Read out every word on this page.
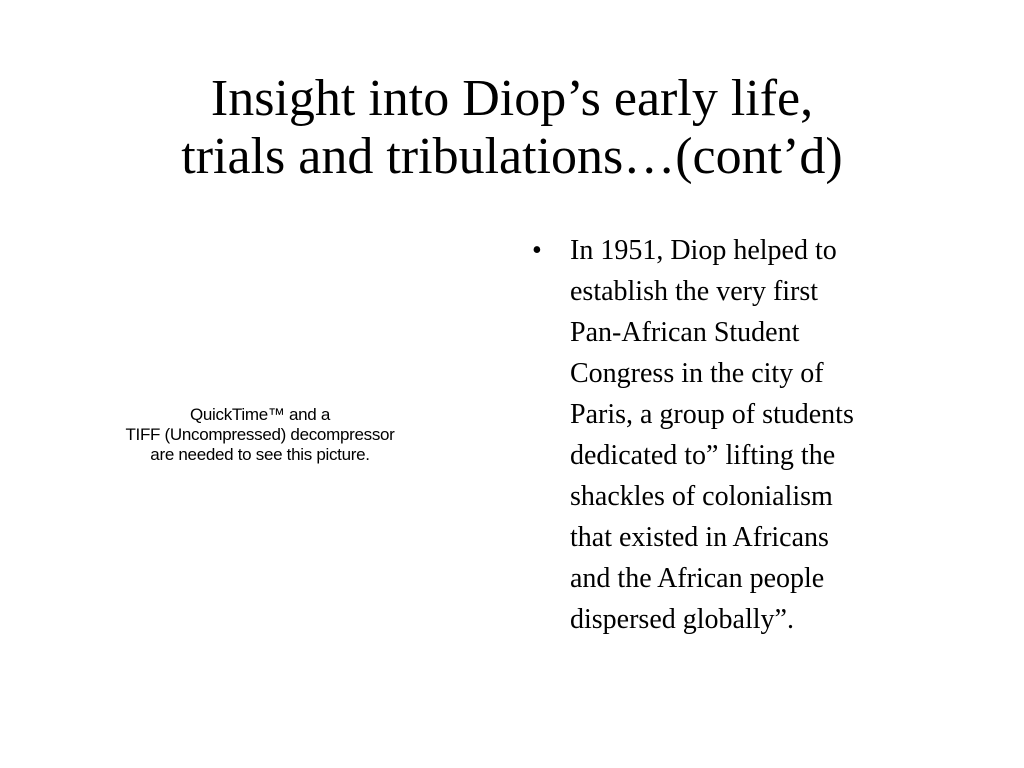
Insight into Diop’s early life,
trials and tribulations…(cont’d)
QuickTime™ and a
TIFF (Uncompressed) decompressor
are needed to see this picture.
• In 1951, Diop helped to
establish the very first
Pan-African Student
Congress in the city of
Paris, a group of students
dedicated to” lifting the
shackles of colonialism
that existed in Africans
and the African people
dispersed globally”.
